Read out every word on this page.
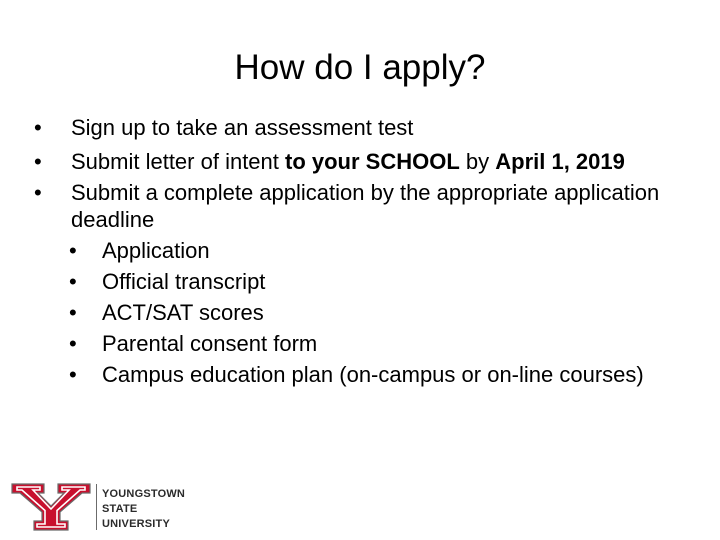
How do I apply?
•	Sign up to take an assessment test
•	Submit letter of intent to your SCHOOL by April 1, 2019
•	Submit a complete application by the appropriate application deadline
•	Application
•	Official transcript
•	ACT/SAT scores
•	Parental consent form
•	Campus education plan (on-campus or on-line courses)
YOUNGSTOWN
STATE
UNIVERSITY
